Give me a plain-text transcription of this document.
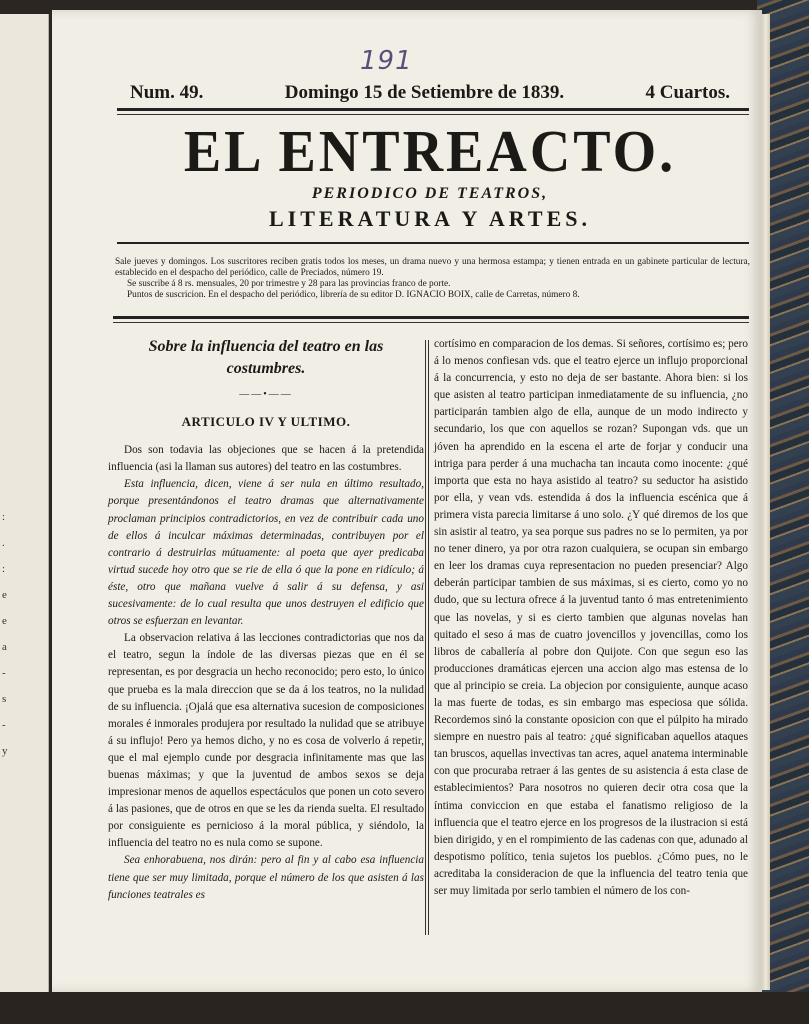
:
.
:
e
e
a
-
s
-
y
191
Num. 49.	Domingo 15 de Setiembre de 1839.	4 Cuartos.
EL ENTREACTO.
PERIODICO DE TEATROS,
LITERATURA Y ARTES.

Sale jueves y domingos. Los suscritores reciben gratis todos los meses, un drama nuevo y una hermosa estampa; y tienen entrada en un gabinete particular de lectura, establecido en el despacho del periódico, calle de Preciados, número 19.

Se suscribe á 8 rs. mensuales, 20 por trimestre y 28 para las provincias franco de porte.

Puntos de suscricion. En el despacho del periódico, librería de su editor D. IGNACIO BOIX, calle de Carretas, número 8.

Sobre la influencia del teatro en las costumbres.
——•——
ARTICULO IV Y ULTIMO.

Dos son todavia las objeciones que se hacen á la pretendida influencia (asi la llaman sus autores) del teatro en las costumbres.

Esta influencia, dicen, viene á ser nula en último resultado, porque presentándonos el teatro dramas que alternativamente proclaman principios contradictorios, en vez de contribuir cada uno de ellos á inculcar máximas determinadas, contribuyen por el contrario á destruirlas mútuamente: al poeta que ayer predicaba virtud sucede hoy otro que se rie de ella ó que la pone en ridículo; á éste, otro que mañana vuelve á salir á su defensa, y asi sucesivamente: de lo cual resulta que unos destruyen el edificio que otros se esfuerzan en levantar.

La observacion relativa á las lecciones contradictorias que nos da el teatro, segun la índole de las diversas piezas que en él se representan, es por desgracia un hecho reconocido; pero esto, lo único que prueba es la mala direccion que se da á los teatros, no la nulidad de su influencia. ¡Ojalá que esa alternativa sucesion de composiciones morales é inmorales produjera por resultado la nulidad que se atribuye á su influjo! Pero ya hemos dicho, y no es cosa de volverlo á repetir, que el mal ejemplo cunde por desgracia infinitamente mas que las buenas máximas; y que la juventud de ambos sexos se deja impresionar menos de aquellos espectáculos que ponen un coto severo á las pasiones, que de otros en que se les da rienda suelta. El resultado por consiguiente es pernicioso á la moral pública, y siéndolo, la influencia del teatro no es nula como se supone.

Sea enhorabuena, nos dirán: pero al fin y al cabo esa influencia tiene que ser muy limitada, porque el número de los que asisten á las funciones teatrales es

cortísimo en comparacion de los demas. Si señores, cortísimo es; pero á lo menos confiesan vds. que el teatro ejerce un influjo proporcional á la concurrencia, y esto no deja de ser bastante. Ahora bien: si los que asisten al teatro participan inmediatamente de su influencia, ¿no participarán tambien algo de ella, aunque de un modo indirecto y secundario, los que con aquellos se rozan? Supongan vds. que un jóven ha aprendido en la escena el arte de forjar y conducir una intriga para perder á una muchacha tan incauta como inocente: ¿qué importa que esta no haya asistido al teatro? su seductor ha asistido por ella, y vean vds. estendida á dos la influencia escénica que á primera vista parecia limitarse á uno solo. ¿Y qué diremos de los que sin asistir al teatro, ya sea porque sus padres no se lo permiten, ya por no tener dinero, ya por otra razon cualquiera, se ocupan sin embargo en leer los dramas cuya representacion no pueden presenciar? Algo deberán participar tambien de sus máximas, si es cierto, como yo no dudo, que su lectura ofrece á la juventud tanto ó mas entretenimiento que las novelas, y si es cierto tambien que algunas novelas han quitado el seso á mas de cuatro jovencillos y jovencillas, como los libros de caballería al pobre don Quijote. Con que segun eso las producciones dramáticas ejercen una accion algo mas estensa de lo que al principio se creia. La objecion por consiguiente, aunque acaso la mas fuerte de todas, es sin embargo mas especiosa que sólida. Recordemos sinó la constante oposicion con que el púlpito ha mirado siempre en nuestro pais al teatro: ¿qué significaban aquellos ataques tan bruscos, aquellas invectivas tan acres, aquel anatema interminable con que procuraba retraer á las gentes de su asistencia á esta clase de establecimientos? Para nosotros no quieren decir otra cosa que la íntima conviccion en que estaba el fanatismo religioso de la influencia que el teatro ejerce en los progresos de la ilustracion si está bien dirigido, y en el rompimiento de las cadenas con que, adunado al despotismo político, tenia sujetos los pueblos. ¿Cómo pues, no le acreditaba la consideracion de que la influencia del teatro tenia que ser muy limitada por serlo tambien el número de los con-
